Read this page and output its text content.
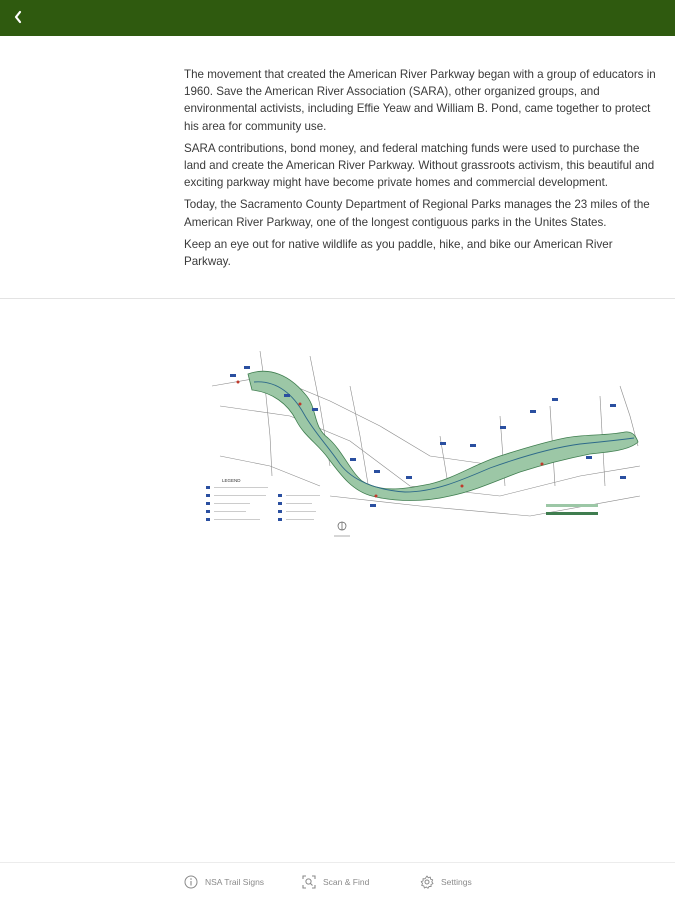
The movement that created the American River Parkway began with a group of educators in 1960. Save the American River Association (SARA), other organized groups, and environmental activists, including Effie Yeaw and William B. Pond, came together to protect his area for community use.

SARA contributions, bond money, and federal matching funds were used to purchase the land and create the American River Parkway. Without grassroots activism, this beautiful and exciting parkway might have become private homes and commercial development.

Today, the Sacramento County Department of Regional Parks manages the 23 miles of the American River Parkway, one of the longest contiguous parks in the Unites States.

Keep an eye out for native wildlife as you paddle, hike, and bike our American River Parkway.

LEGEND
NSA Trail Signs	Scan & Find	Settings
